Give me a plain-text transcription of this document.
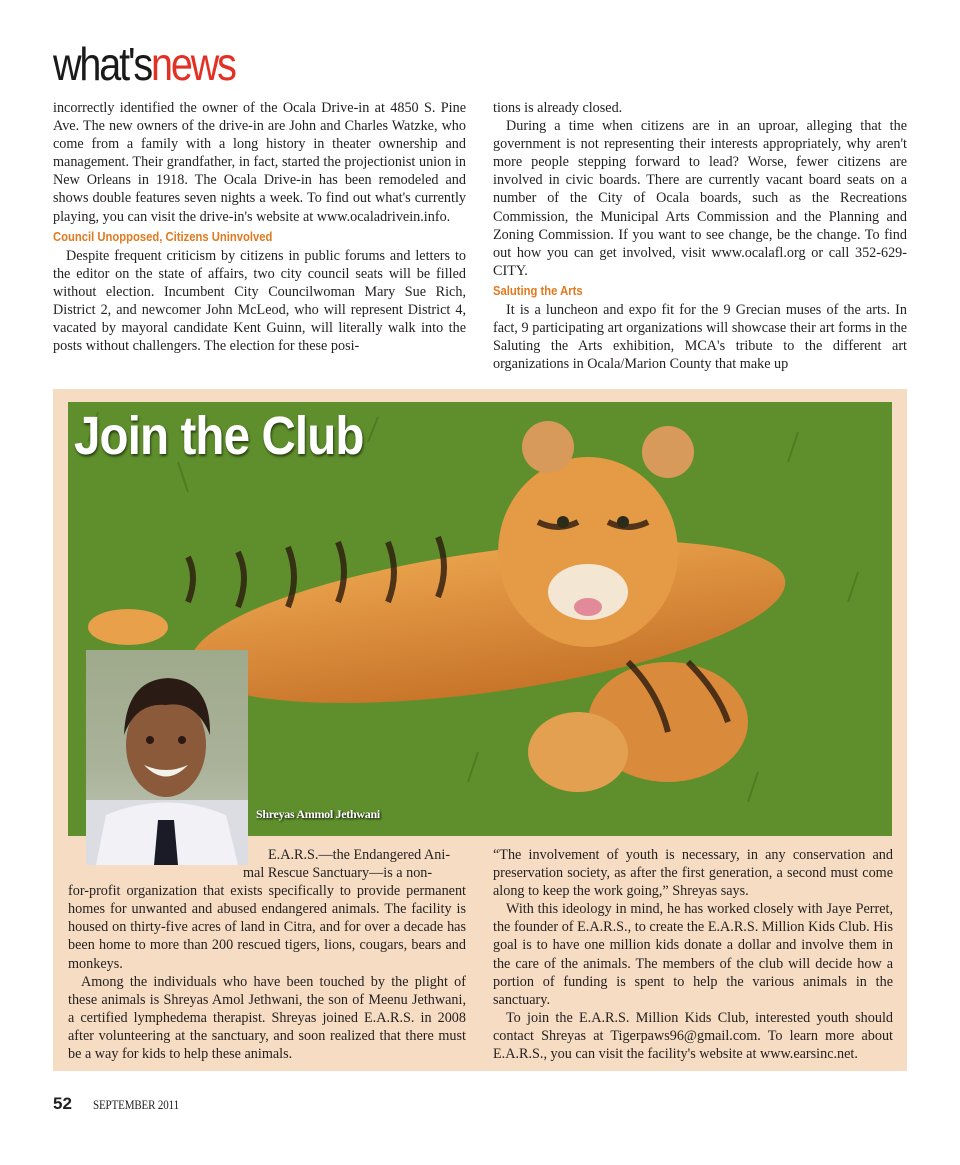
what'snews

incorrectly identified the owner of the Ocala Drive-in at 4850 S. Pine Ave. The new owners of the drive-in are John and Charles Watzke, who come from a family with a long history in theater ownership and management. Their grandfather, in fact, started the projectionist union in New Orleans in 1918. The Ocala Drive-in has been remodeled and shows double features seven nights a week. To find out what's currently playing, you can visit the drive-in's website at www.ocaladrivein.info.

Council Unopposed, Citizens Uninvolved

Despite frequent criticism by citizens in public forums and letters to the editor on the state of affairs, two city council seats will be filled without election. Incumbent City Councilwoman Mary Sue Rich, District 2, and newcomer John McLeod, who will represent District 4, vacated by mayoral candidate Kent Guinn, will literally walk into the posts without challengers. The election for these posi-

tions is already closed.

During a time when citizens are in an uproar, alleging that the government is not representing their interests appropriately, why aren't more people stepping forward to lead? Worse, fewer citizens are involved in civic boards. There are currently vacant board seats on a number of the City of Ocala boards, such as the Recreations Commission, the Municipal Arts Commission and the Planning and Zoning Commission. If you want to see change, be the change. To find out how you can get involved, visit www.ocalafl.org or call 352-629-CITY.

Saluting the Arts

It is a luncheon and expo fit for the 9 Grecian muses of the arts. In fact, 9 participating art organizations will showcase their art forms in the Saluting the Arts exhibition, MCA's tribute to the different art organizations in Ocala/Marion County that make up

Join the Club
Shreyas Ammol Jethwani

E.A.R.S.—the Endangered Ani-

mal Rescue Sanctuary—is a non-

for-profit organization that exists specifically to provide permanent homes for unwanted and abused endangered animals. The facility is housed on thirty-five acres of land in Citra, and for over a decade has been home to more than 200 rescued tigers, lions, cougars, bears and monkeys.

Among the individuals who have been touched by the plight of these animals is Shreyas Amol Jethwani, the son of Meenu Jethwani, a certified lymphedema therapist. Shreyas joined E.A.R.S. in 2008 after volunteering at the sanctuary, and soon realized that there must be a way for kids to help these animals.

“The involvement of youth is necessary, in any conservation and preservation society, as after the first generation, a second must come along to keep the work going,” Shreyas says.

With this ideology in mind, he has worked closely with Jaye Perret, the founder of E.A.R.S., to create the E.A.R.S. Million Kids Club. His goal is to have one million kids donate a dollar and involve them in the care of the animals. The members of the club will decide how a portion of funding is spent to help the various animals in the sanctuary.

To join the E.A.R.S. Million Kids Club, interested youth should contact Shreyas at Tigerpaws96@gmail.com. To learn more about E.A.R.S., you can visit the facility's website at www.earsinc.net.

52 SEPTEMBER 2011
